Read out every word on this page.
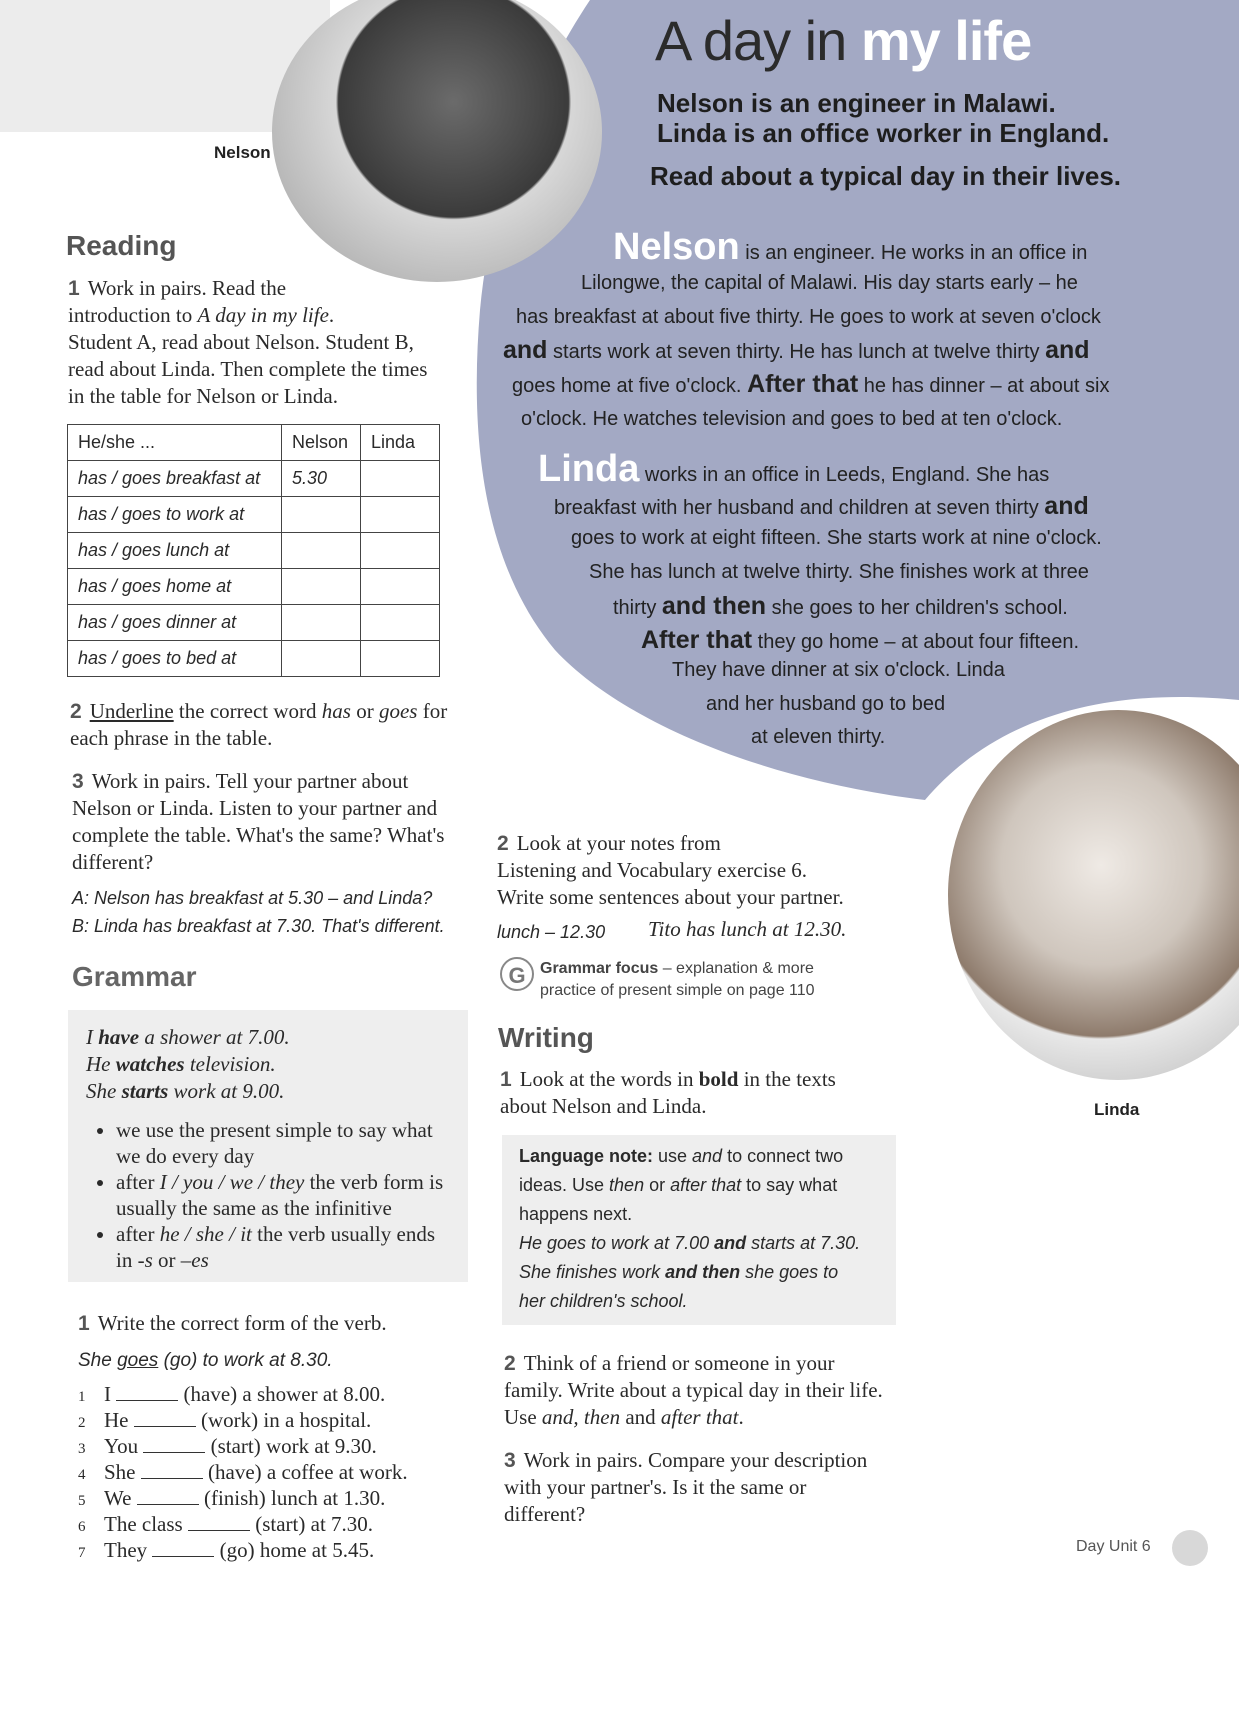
Nelson
Linda
A day in my life
Nelson is an engineer in Malawi.
Linda is an office worker in England.
Read about a typical day in their lives.
Nelson is an engineer. He works in an office in
Lilongwe, the capital of Malawi. His day starts early – he
has breakfast at about five thirty. He goes to work at seven o'clock
and starts work at seven thirty. He has lunch at twelve thirty and
goes home at five o'clock. After that he has dinner – at about six
o'clock. He watches television and goes to bed at ten o'clock.
Linda works in an office in Leeds, England. She has
breakfast with her husband and children at seven thirty and
goes to work at eight fifteen. She starts work at nine o'clock.
She has lunch at twelve thirty. She finishes work at three
thirty and then she goes to her children's school.
After that they go home – at about four fifteen.
They have dinner at six o'clock. Linda
and her husband go to bed
at eleven thirty.
Reading
1 Work in pairs. Read the
introduction to A day in my life.
Student A, read about Nelson. Student B,
read about Linda. Then complete the times
in the table for Nelson or Linda.
He/she ...	Nelson	Linda
has / goes breakfast at	5.30	
has / goes to work at		
has / goes lunch at		
has / goes home at		
has / goes dinner at		
has / goes to bed at		
2 Underline the correct word has or goes for
each phrase in the table.
3 Work in pairs. Tell your partner about
Nelson or Linda. Listen to your partner and
complete the table. What's the same? What's
different?
A: Nelson has breakfast at 5.30 – and Linda?
B: Linda has breakfast at 7.30. That's different.
Grammar
I have a shower at 7.00.
He watches television.
She starts work at 9.00.
• we use the present simple to say what we do every day
• after I / you / we / they the verb form is usually the same as the infinitive
• after he / she / it the verb usually ends in -s or –es
1 Write the correct form of the verb.
She goes (go) to work at 8.30.
1 I	(have) a shower at 8.00.
2 He	(work) in a hospital.
3 You	(start) work at 9.30.
4 She	(have) a coffee at work.
5 We	(finish) lunch at 1.30.
6 The class	(start) at 7.30.
7 They	(go) home at 5.45.
2 Look at your notes from
Listening and Vocabulary exercise 6.
Write some sentences about your partner.
lunch – 12.30 Tito has lunch at 12.30.
G Grammar focus – explanation & more
practice of present simple on page 110
Writing
1 Look at the words in bold in the texts
about Nelson and Linda.
Language note: use and to connect two
ideas. Use then or after that to say what
happens next.
He goes to work at 7.00 and starts at 7.30.
She finishes work and then she goes to
her children's school.
2 Think of a friend or someone in your
family. Write about a typical day in their life.
Use and, then and after that.
3 Work in pairs. Compare your description
with your partner's. Is it the same or
different?
Day Unit 6
